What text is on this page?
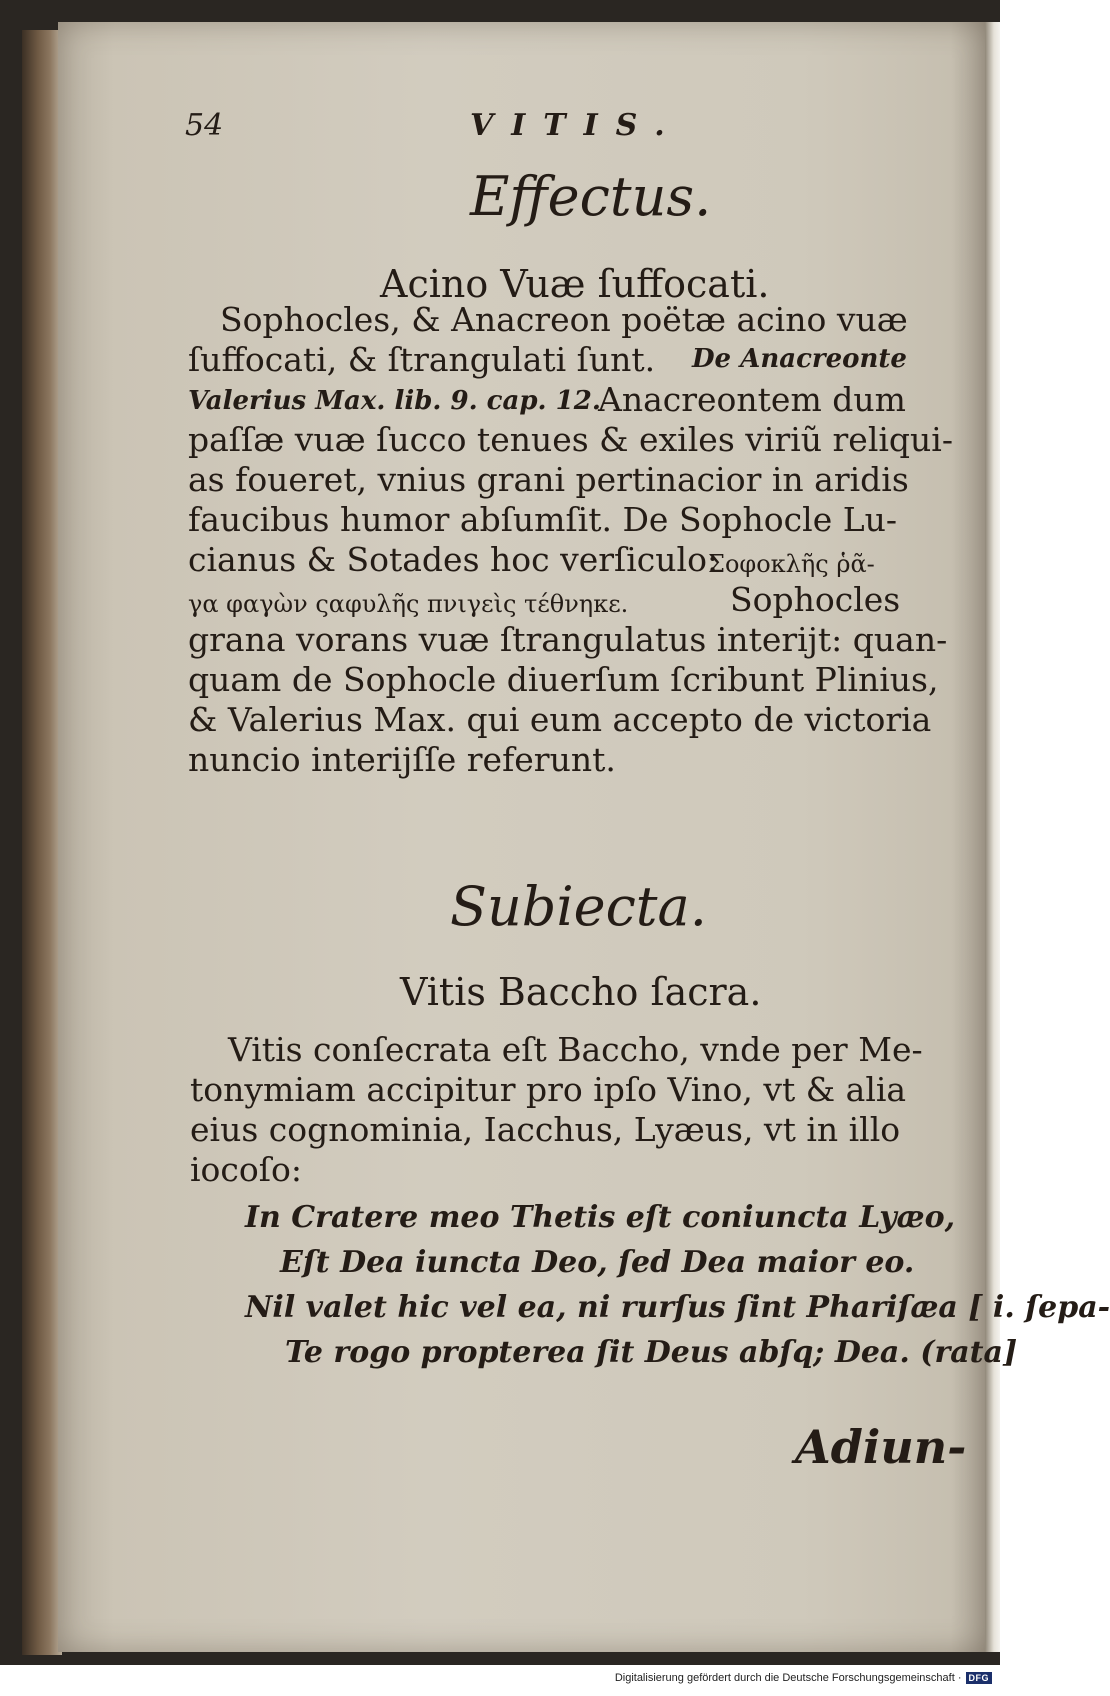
54	VITIS.
Effectus.
Acino Vuæ ſuffocati.
Sophocles, & Anacreon poëtæ acino vuæ
ſuffocati, & ſtrangulati ſunt. De Anacreonte
Valerius Max. lib. 9. cap. 12.
Anacreontem dum
paſſæ vuæ ſucco tenues & exiles viriũ reliqui-
as foueret, vnius grani pertinacior in aridis
faucibus humor abſumſit. De Sophocle Lu-
cianus & Sotades hoc verſiculo:
Σοφοκλῆς ῥᾶ-
γα φαγὼν ςαφυλῆς πνιγεὶς τέθνηκε.	Sophocles
grana vorans vuæ ſtrangulatus interijt: quan-
quam de Sophocle diuerſum ſcribunt Plinius,
& Valerius Max. qui eum accepto de victoria
nuncio interijſſe referunt.
Subiecta.
Vitis Baccho ſacra.
Vitis conſecrata eſt Baccho, vnde per Me-
tonymiam accipitur pro ipſo Vino, vt & alia
eius cognominia, Iacchus, Lyæus, vt in illo
iocoſo:
In Cratere meo Thetis eſt coniuncta Lyæo,
Eſt Dea iuncta Deo, ſed Dea maior eo.
Nil valet hic vel ea, ni rurſus ſint Phariſæa [ i. ſepa-
Te rogo propterea ſit Deus abſq; Dea. (rata]
Adiun-
Digitalisierung gefördert durch die Deutsche Forschungsgemeinschaft · DFG
